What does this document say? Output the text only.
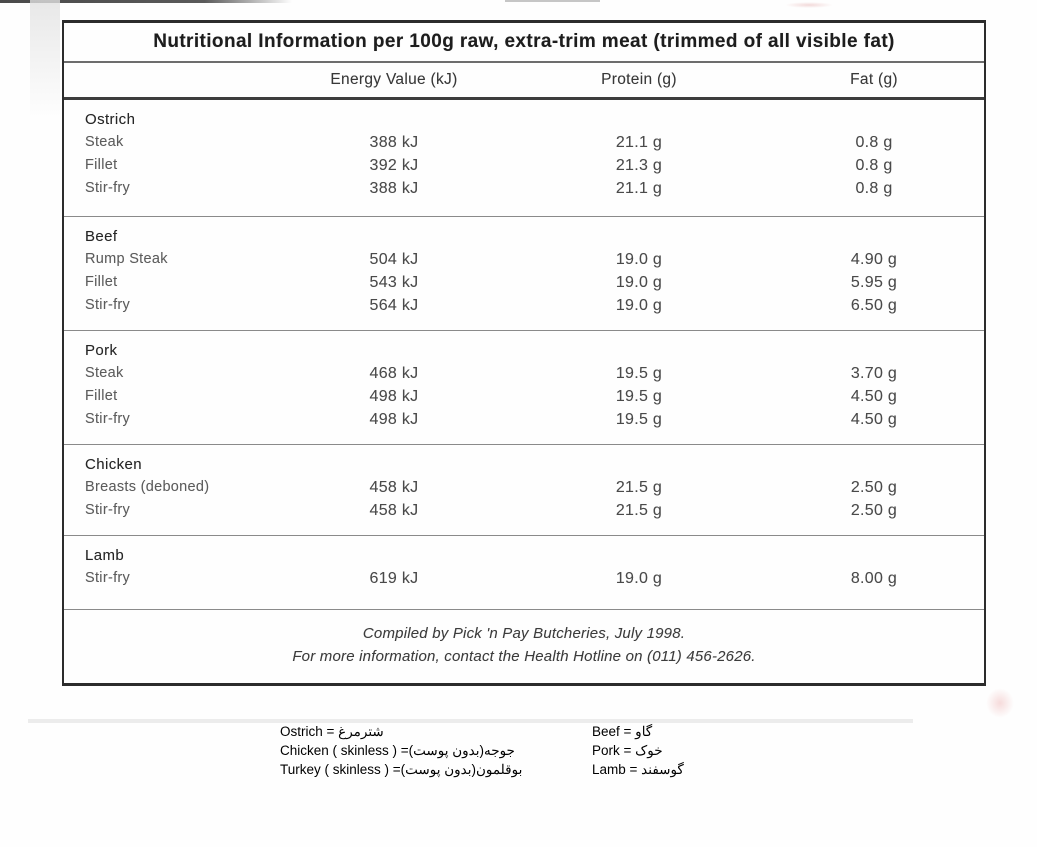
Nutritional Information per 100g raw, extra-trim meat (trimmed of all visible fat)
Energy Value (kJ)	Protein (g)	Fat (g)
Ostrich
Steak	388 kJ	21.1 g	0.8 g
Fillet	392 kJ	21.3 g	0.8 g
Stir-fry	388 kJ	21.1 g	0.8 g
Beef
Rump Steak	504 kJ	19.0 g	4.90 g
Fillet	543 kJ	19.0 g	5.95 g
Stir-fry	564 kJ	19.0 g	6.50 g
Pork
Steak	468 kJ	19.5 g	3.70 g
Fillet	498 kJ	19.5 g	4.50 g
Stir-fry	498 kJ	19.5 g	4.50 g
Chicken
Breasts (deboned)	458 kJ	21.5 g	2.50 g
Stir-fry	458 kJ	21.5 g	2.50 g
Lamb
Stir-fry	619 kJ	19.0 g	8.00 g
Compiled by Pick 'n Pay Butcheries, July 1998.
For more information, contact the Health Hotline on (011) 456-2626.
Ostrich = شترمرغ
Chicken ( skinless ) =جوجه(بدون پوست)
Turkey ( skinless ) =بوقلمون(بدون پوست)
Beef = گاو
Pork = خوک
Lamb = گوسفند
